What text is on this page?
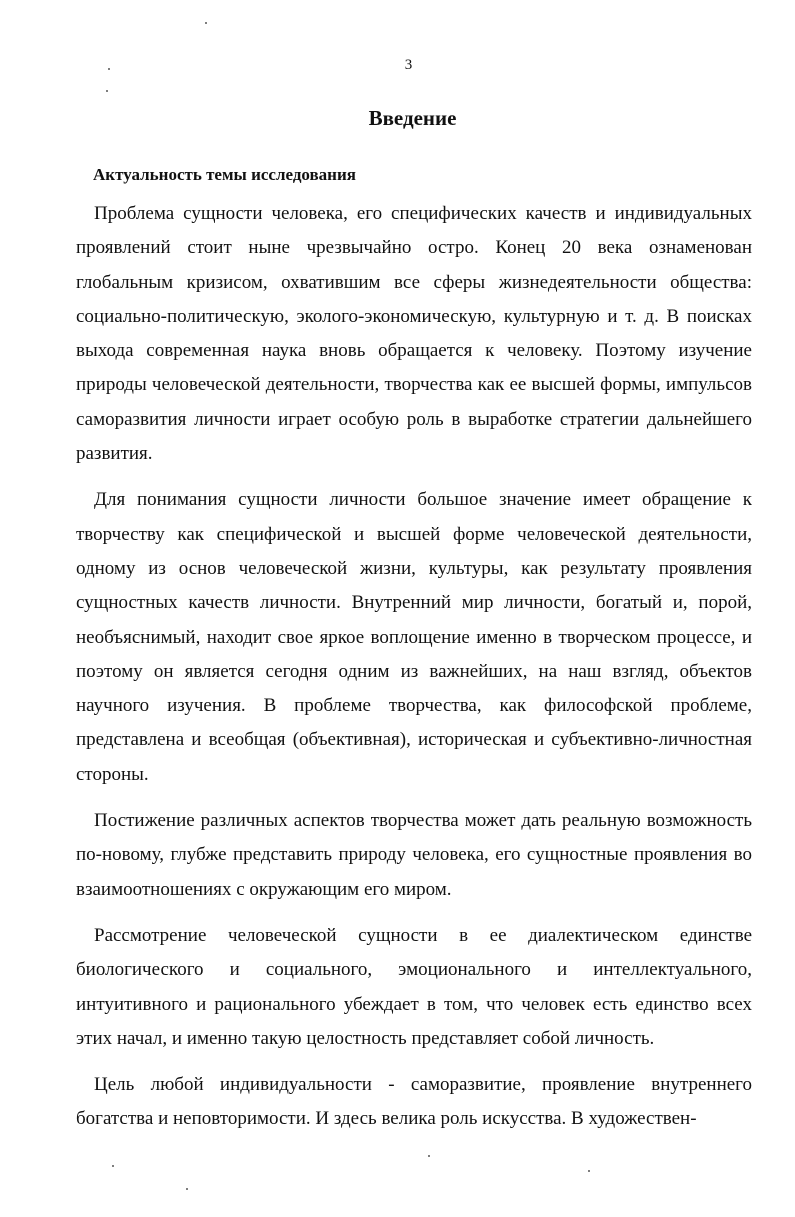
3
Введение
Актуальность темы исследования

Проблема сущности человека, его специфических качеств и индивидуальных проявлений стоит ныне чрезвычайно остро. Конец 20 века ознаменован глобальным кризисом, охватившим все сферы жизнедеятельности общества: социально-политическую, эколого-экономическую, культурную и т. д. В поисках выхода современная наука вновь обращается к человеку. Поэтому изучение природы человеческой деятельности, творчества как ее высшей формы, импульсов саморазвития личности играет особую роль в выработке стратегии дальнейшего развития.

Для понимания сущности личности большое значение имеет обращение к творчеству как специфической и высшей форме человеческой деятельности, одному из основ человеческой жизни, культуры, как результату проявления сущностных качеств личности. Внутренний мир личности, богатый и, порой, необъяснимый, находит свое яркое воплощение именно в творческом процессе, и поэтому он является сегодня одним из важнейших, на наш взгляд, объектов научного изучения. В проблеме творчества, как философской проблеме, представлена и всеобщая (объективная), историческая и субъективно-личностная стороны.

Постижение различных аспектов творчества может дать реальную возможность по-новому, глубже представить природу человека, его сущностные проявления во взаимоотношениях с окружающим его миром.

Рассмотрение человеческой сущности в ее диалектическом единстве биологического и социального, эмоционального и интеллектуального, интуитивного и рационального убеждает в том, что человек есть единство всех этих начал, и именно такую целостность представляет собой личность.

Цель любой индивидуальности - саморазвитие, проявление внутреннего богатства и неповторимости. И здесь велика роль искусства. В художествен-
